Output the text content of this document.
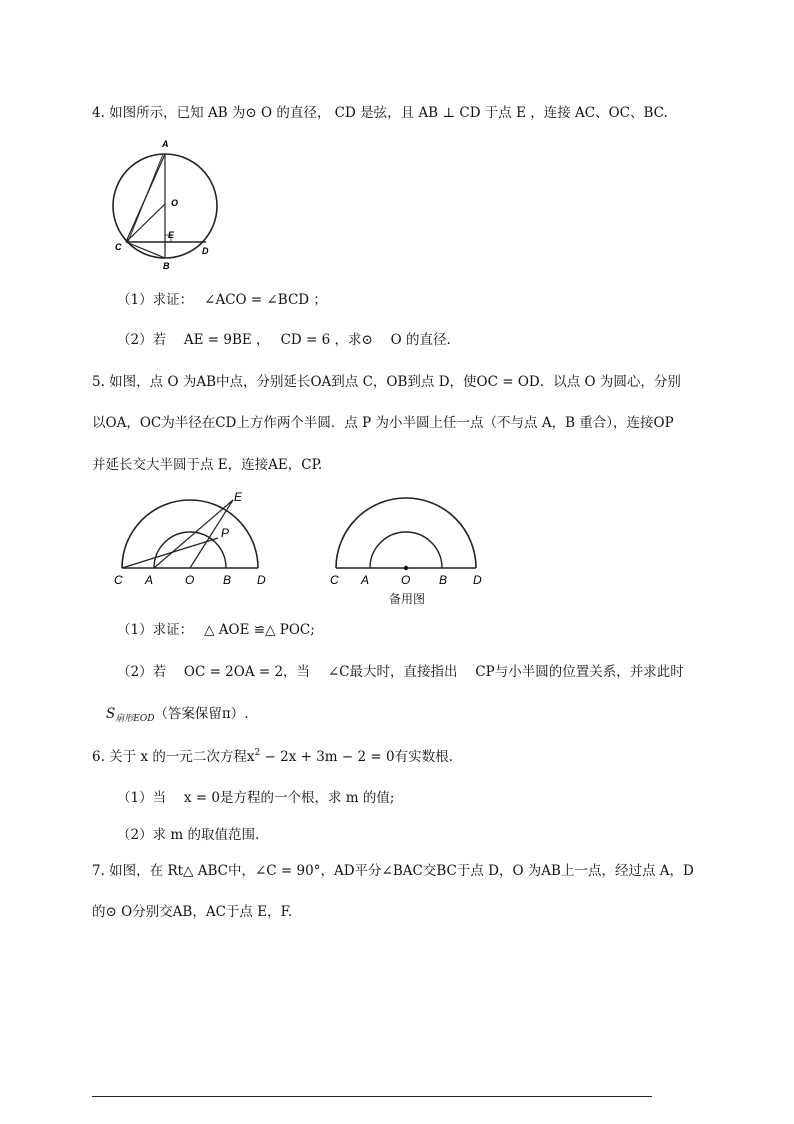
4. 如图所示，已知 AB 为⊙ O 的直径， CD 是弦，且 AB ⊥ CD 于点 E ，连接 AC、OC、BC.
A
O
E
C	D
B
（1）求证：　 ∠ACO = ∠BCD ；
（2）若　 AE = 9BE ，　 CD = 6 ，求⊙　 O 的直径.
5. 如图，点 O 为AB中点，分别延长OA到点 C，OB到点 D，使OC = OD．以点 O 为圆心，分别
以OA，OC为半径在CD上方作两个半圆．点 P 为小半圆上任一点（不与点 A，B 重合），连接OP
并延长交大半圆于点 E，连接AE，CP.
E
P
C A	O B D	C A	O B D
备用图
（1）求证：　 △ AOE ≌△ POC;
（2）若　 OC = 2OA = 2，当　 ∠C最大时，直接指出　 CP与小半圆的位置关系，并求此时
$S_{扇形EOD}$（答案保留π）.
6. 关于 x 的一元二次方程$x^2 - 2x + 3m - 2 = 0$有实数根.
（1）当　 x = 0是方程的一个根，求 m 的值;
（2）求 m 的取值范围.
7. 如图，在 Rt△ ABC中，∠C = 90°，AD平分∠BAC交BC于点 D，O 为AB上一点，经过点 A，D
的⊙ O分别交AB，AC于点 E，F.
